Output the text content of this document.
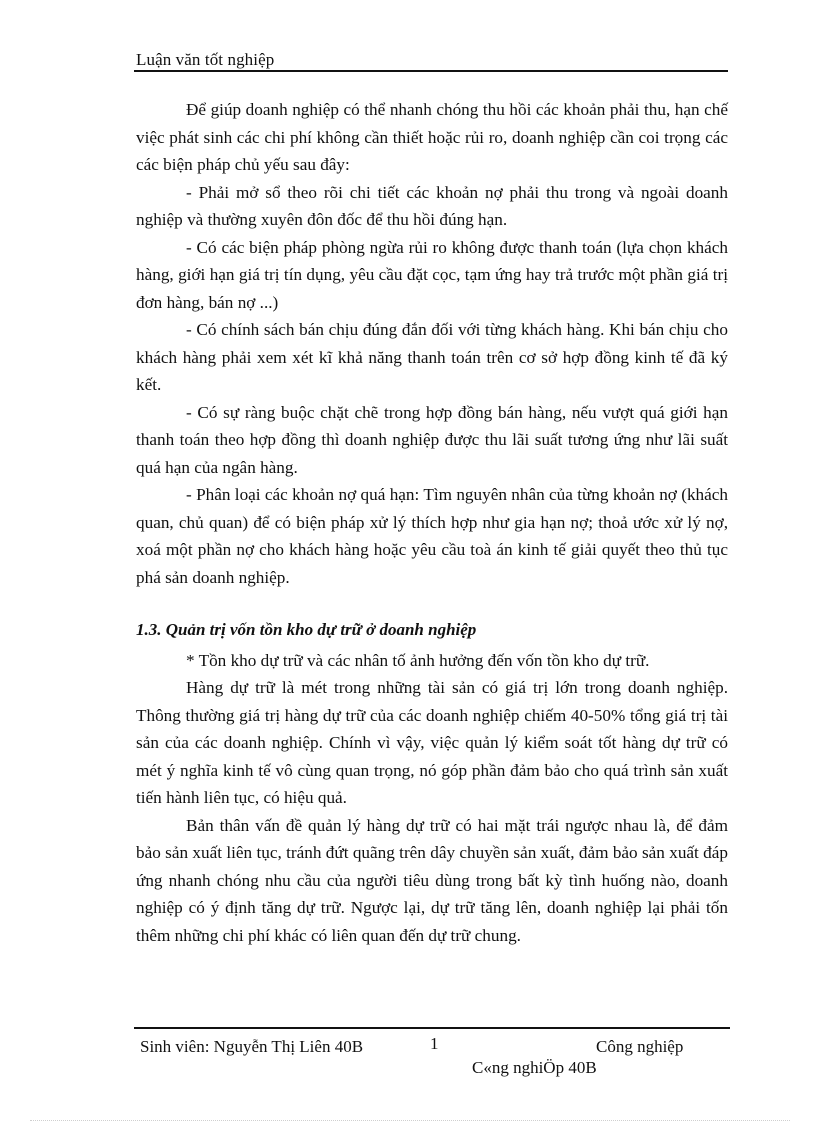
Luận văn tốt nghiệp

Để giúp doanh nghiệp có thể nhanh chóng thu hồi các khoản phải thu, hạn chế việc phát sinh các chi phí không cần thiết hoặc rủi ro, doanh nghiệp cần coi trọng các các biện pháp chủ yếu sau đây:

- Phải mở sổ theo rõi chi tiết các khoản nợ phải thu trong và ngoài doanh nghiệp và thường xuyên đôn đốc để thu hồi đúng hạn.

- Có các biện pháp phòng ngừa rủi ro không được thanh toán (lựa chọn khách hàng, giới hạn giá trị tín dụng, yêu cầu đặt cọc, tạm ứng hay trả trước một phần giá trị đơn hàng, bán nợ ...)

- Có chính sách bán chịu đúng đắn đối với từng khách hàng. Khi bán chịu cho khách hàng phải xem xét kĩ khả năng thanh toán trên cơ sở hợp đồng kinh tế đã ký kết.

- Có sự ràng buộc chặt chẽ trong hợp đồng bán hàng, nếu vượt quá giới hạn thanh toán theo hợp đồng thì doanh nghiệp được thu lãi suất tương ứng như lãi suất quá hạn của ngân hàng.

- Phân loại các khoản nợ quá hạn: Tìm nguyên nhân của từng khoản nợ (khách quan, chủ quan) để có biện pháp xử lý thích hợp như gia hạn nợ; thoả ước xử lý nợ, xoá một phần nợ cho khách hàng hoặc yêu cầu toà án kinh tế giải quyết theo thủ tục phá sản doanh nghiệp.

1.3. Quản trị vốn tồn kho dự trữ ở doanh nghiệp

* Tồn kho dự trữ và các nhân tố ảnh hưởng đến vốn tồn kho dự trữ.

Hàng dự trữ là mét trong những tài sản có giá trị lớn trong doanh nghiệp. Thông thường giá trị hàng dự trữ của các doanh nghiệp chiếm 40-50% tổng giá trị tài sản của các doanh nghiệp. Chính vì vậy, việc quản lý kiểm soát tốt hàng dự trữ có mét ý nghĩa kinh tế vô cùng quan trọng, nó góp phần đảm bảo cho quá trình sản xuất tiến hành liên tục, có hiệu quả.

Bản thân vấn đề quản lý hàng dự trữ có hai mặt trái ngược nhau là, để đảm bảo sản xuất liên tục, tránh đứt quãng trên dây chuyền sản xuất, đảm bảo sản xuất đáp ứng nhanh chóng nhu cầu của người tiêu dùng trong bất kỳ tình huống nào, doanh nghiệp có ý định tăng dự trữ. Ngược lại, dự trữ tăng lên, doanh nghiệp lại phải tốn thêm những chi phí khác có liên quan đến dự trữ chung.

Sinh viên: Nguyễn Thị Liên 40B	1	Công nghiệp
C«ng nghiÖp 40B
